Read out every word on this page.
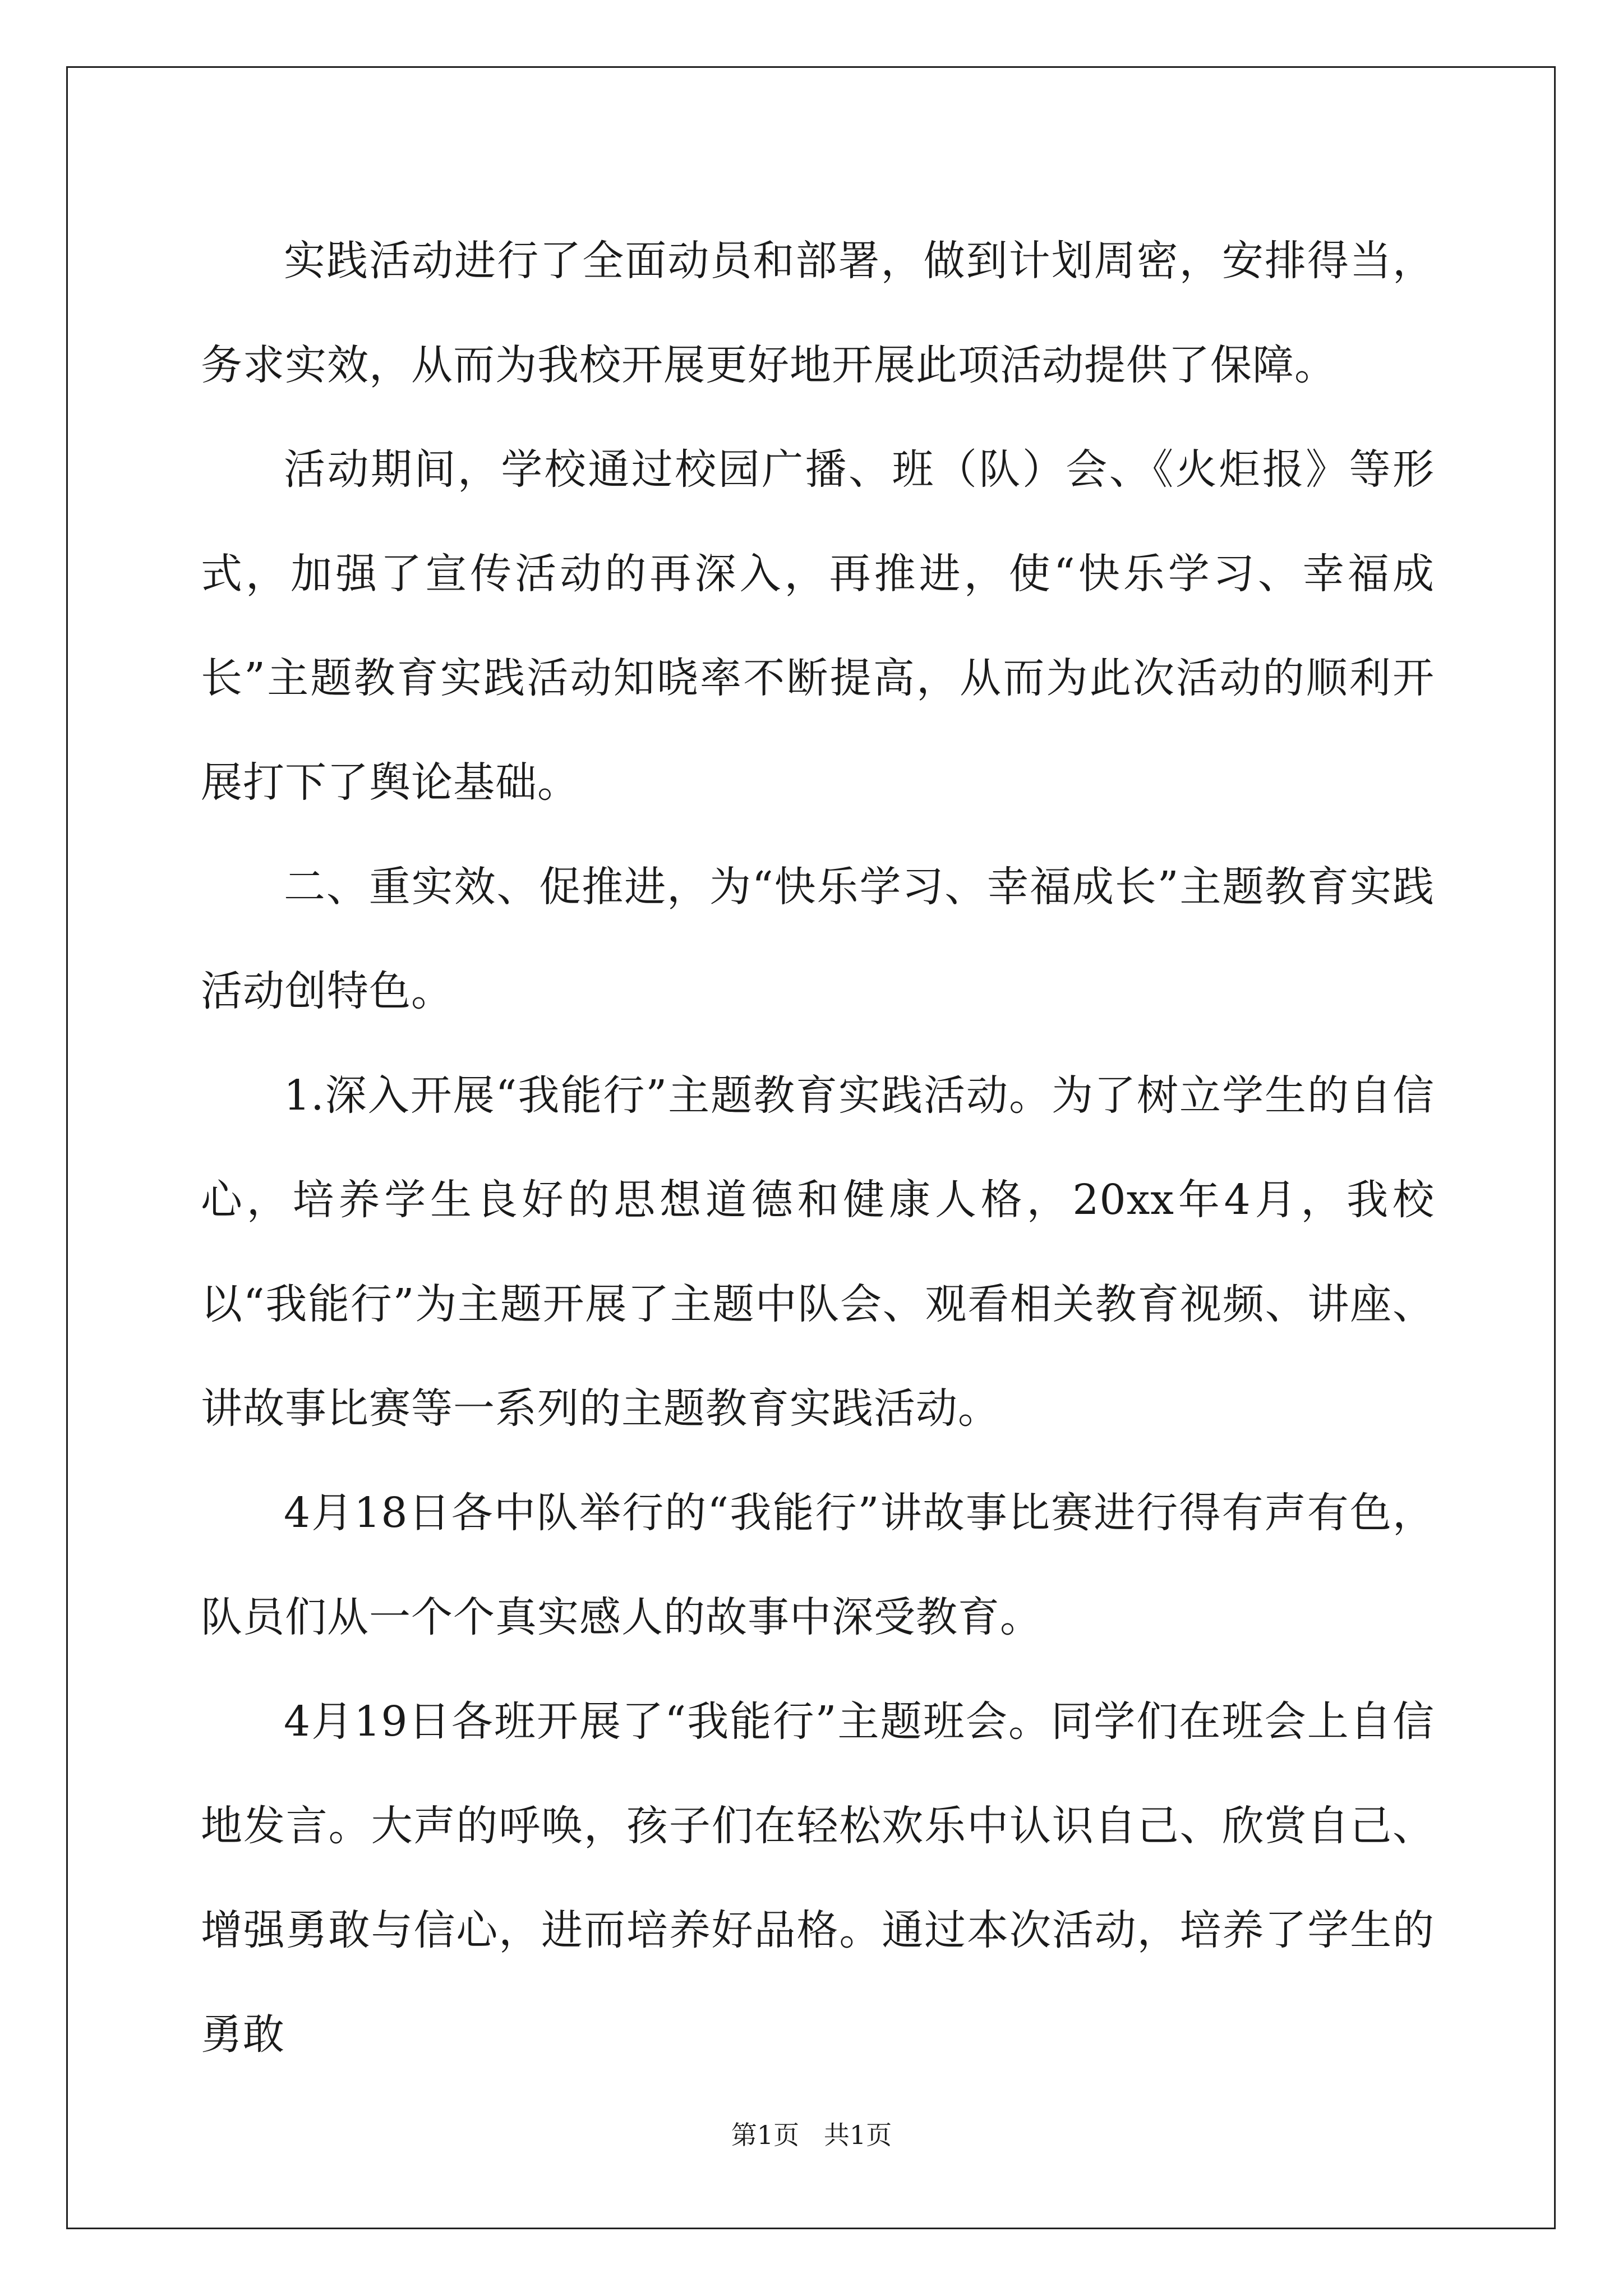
实践活动进行了全面动员和部署，做到计划周密，安排得当，务求实效，从而为我校开展更好地开展此项活动提供了保障。

活动期间，学校通过校园广播、班（队）会、《火炬报》等形式，加强了宣传活动的再深入，再推进，使“快乐学习、幸福成长”主题教育实践活动知晓率不断提高，从而为此次活动的顺利开展打下了舆论基础。

二、重实效、促推进，为“快乐学习、幸福成长”主题教育实践活动创特色。

1.深入开展“我能行”主题教育实践活动。为了树立学生的自信心，培养学生良好的思想道德和健康人格，20xx年4月，我校以“我能行”为主题开展了主题中队会、观看相关教育视频、讲座、讲故事比赛等一系列的主题教育实践活动。

4月18日各中队举行的“我能行”讲故事比赛进行得有声有色，队员们从一个个真实感人的故事中深受教育。

4月19日各班开展了“我能行”主题班会。同学们在班会上自信地发言。大声的呼唤，孩子们在轻松欢乐中认识自己、欣赏自己、增强勇敢与信心，进而培养好品格。通过本次活动，培养了学生的勇敢

第1页   共1页
